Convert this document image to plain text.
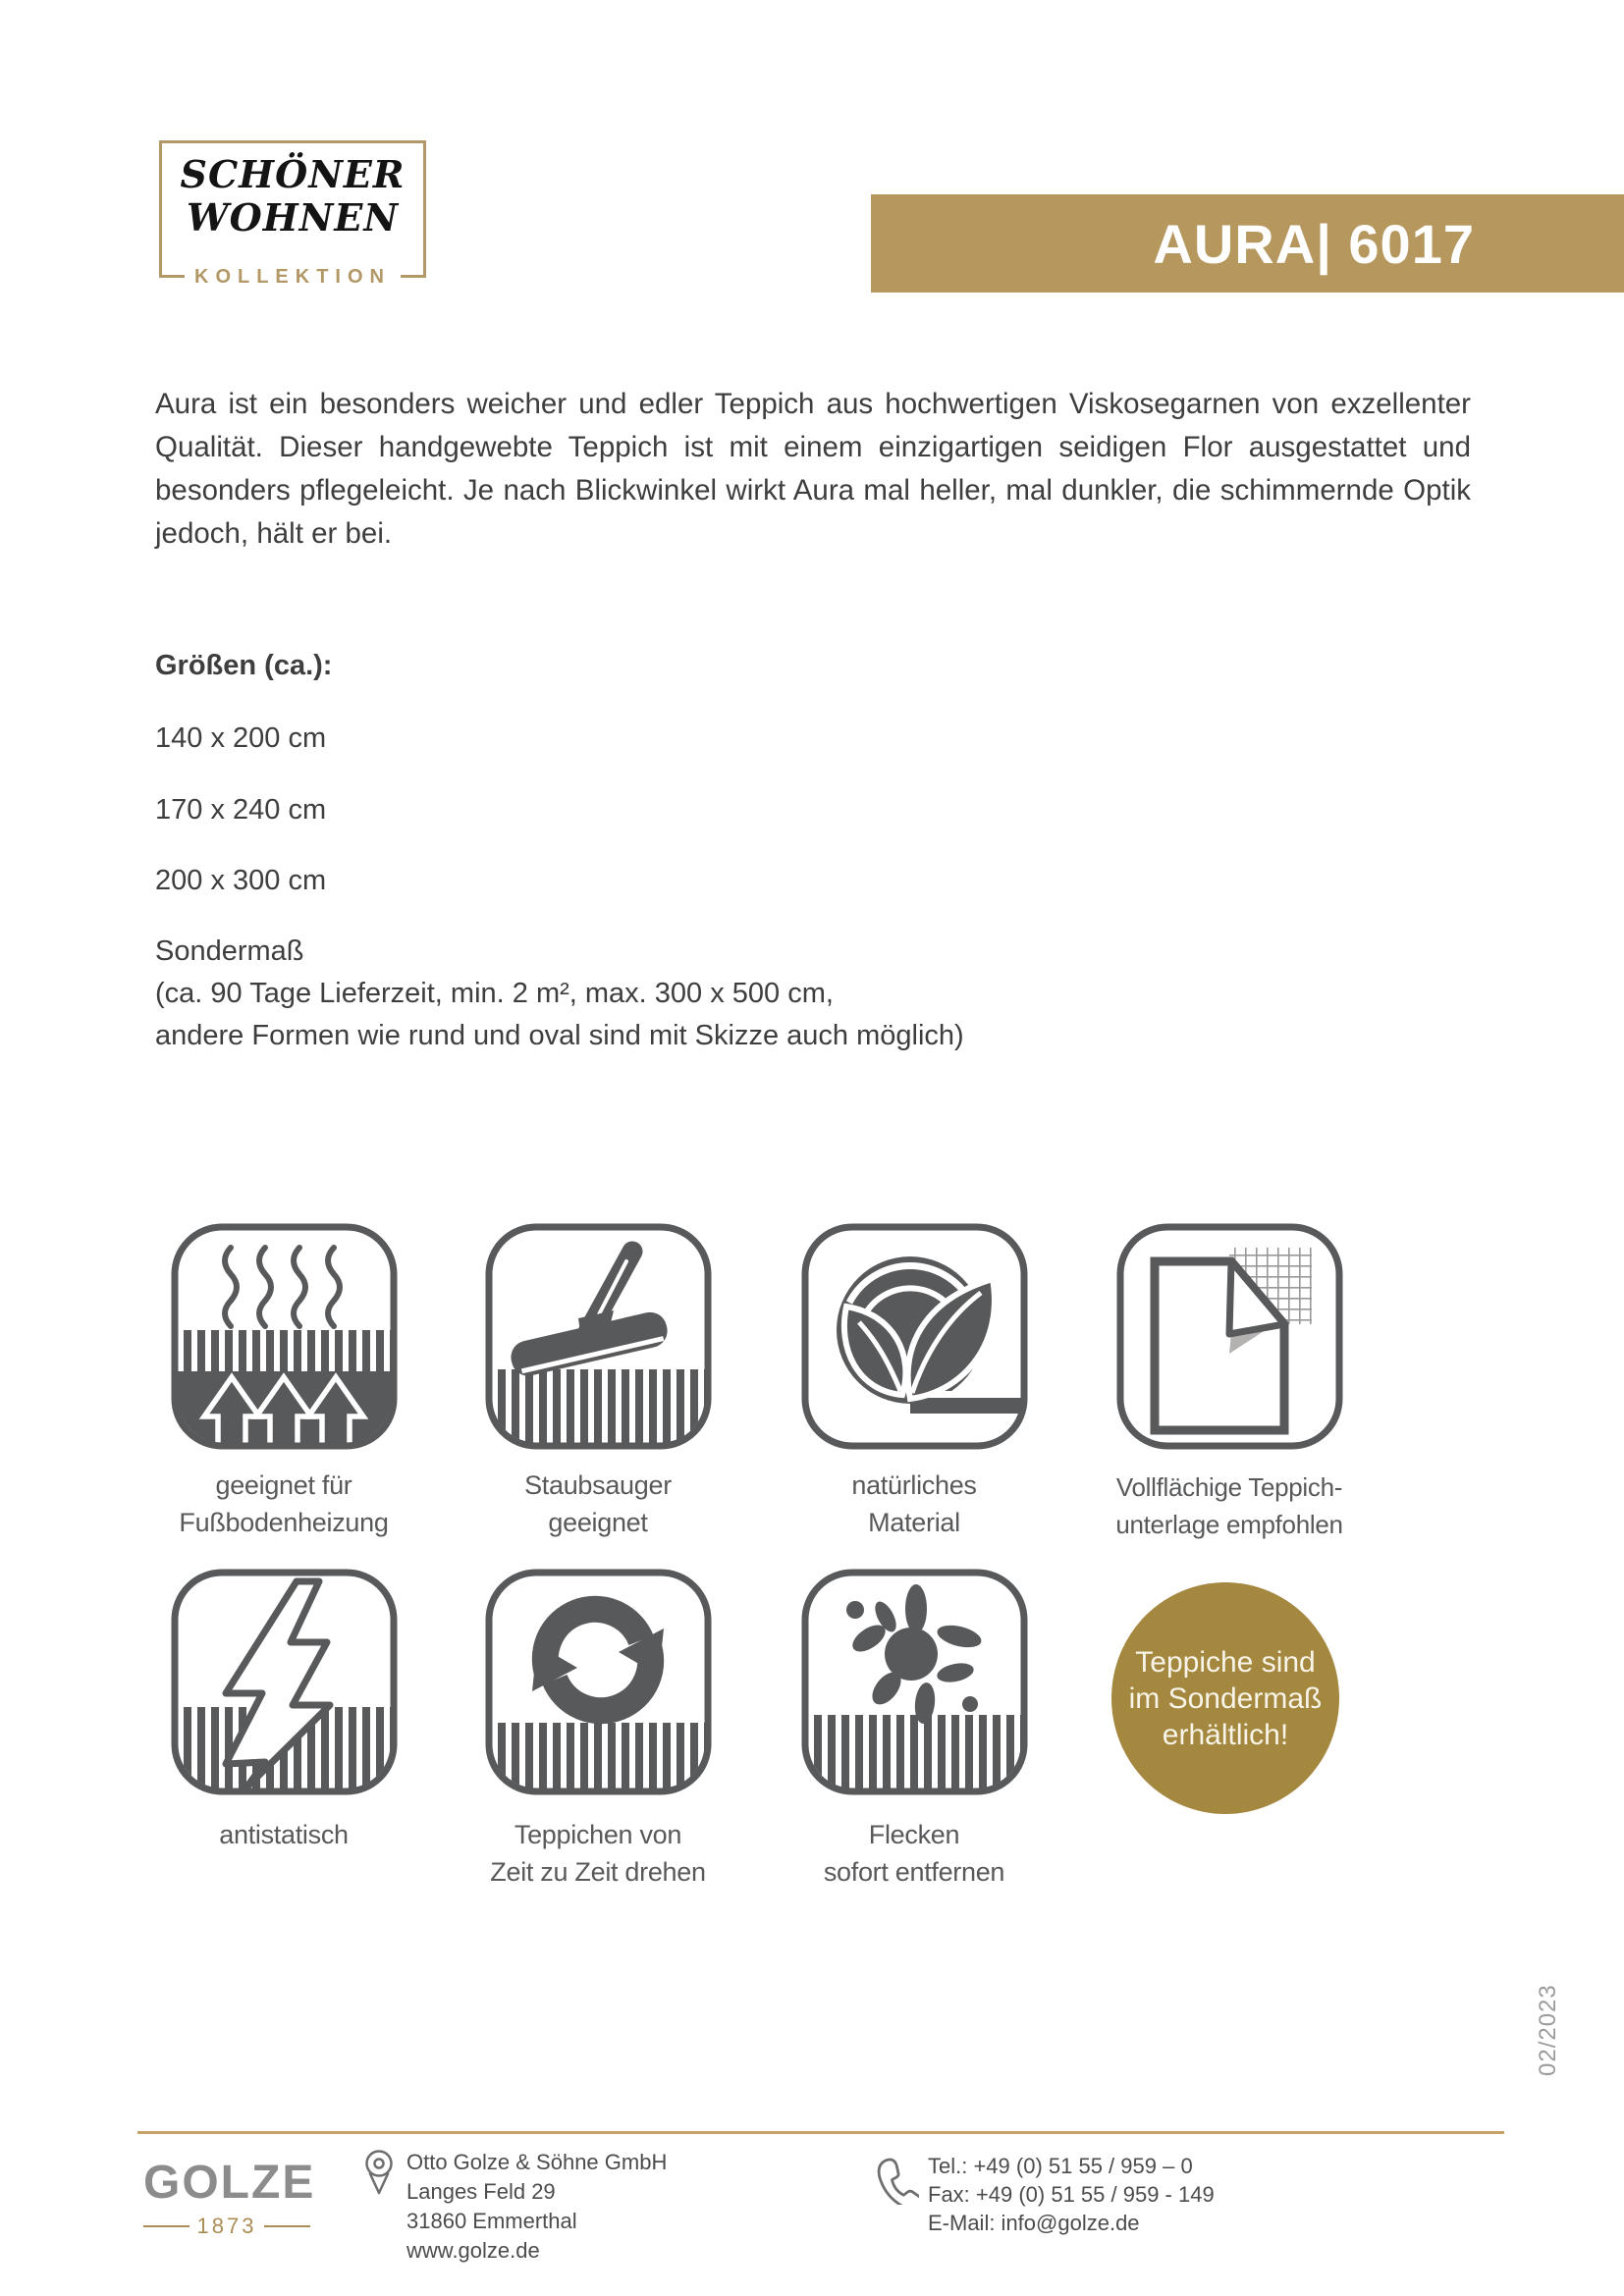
SCHÖNER
WOHNEN
KOLLEKTION
AURA| 6017
Aura ist ein besonders weicher und edler Teppich aus hochwertigen Viskosegarnen von exzellenter Qualität. Dieser handgewebte Teppich ist mit einem einzigartigen seidigen Flor ausgestattet und besonders pflegeleicht. Je nach Blickwinkel wirkt Aura mal heller, mal dunkler, die schimmernde Optik jedoch, hält er bei.
Größen (ca.):
140 x 200 cm
170 x 240 cm
200 x 300 cm
Sondermaß
(ca. 90 Tage Lieferzeit, min. 2 m², max. 300 x 500 cm,
andere Formen wie rund und oval sind mit Skizze auch möglich)
geeignet für
Fußbodenheizung
Staubsauger
geeignet
natürliches
Material
Vollflächige Teppich-
unterlage empfohlen
Teppiche sind
im Sondermaß
erhältlich!
antistatisch	Teppichen von
Zeit zu Zeit drehen
Flecken
sofort entfernen
02/2023
GOLZE
1873
Otto Golze & Söhne GmbH
Langes Feld 29
31860 Emmerthal
www.golze.de
Tel.: +49 (0) 51 55 / 959 – 0
Fax: +49 (0) 51 55 / 959 - 149
E-Mail: info@golze.de
